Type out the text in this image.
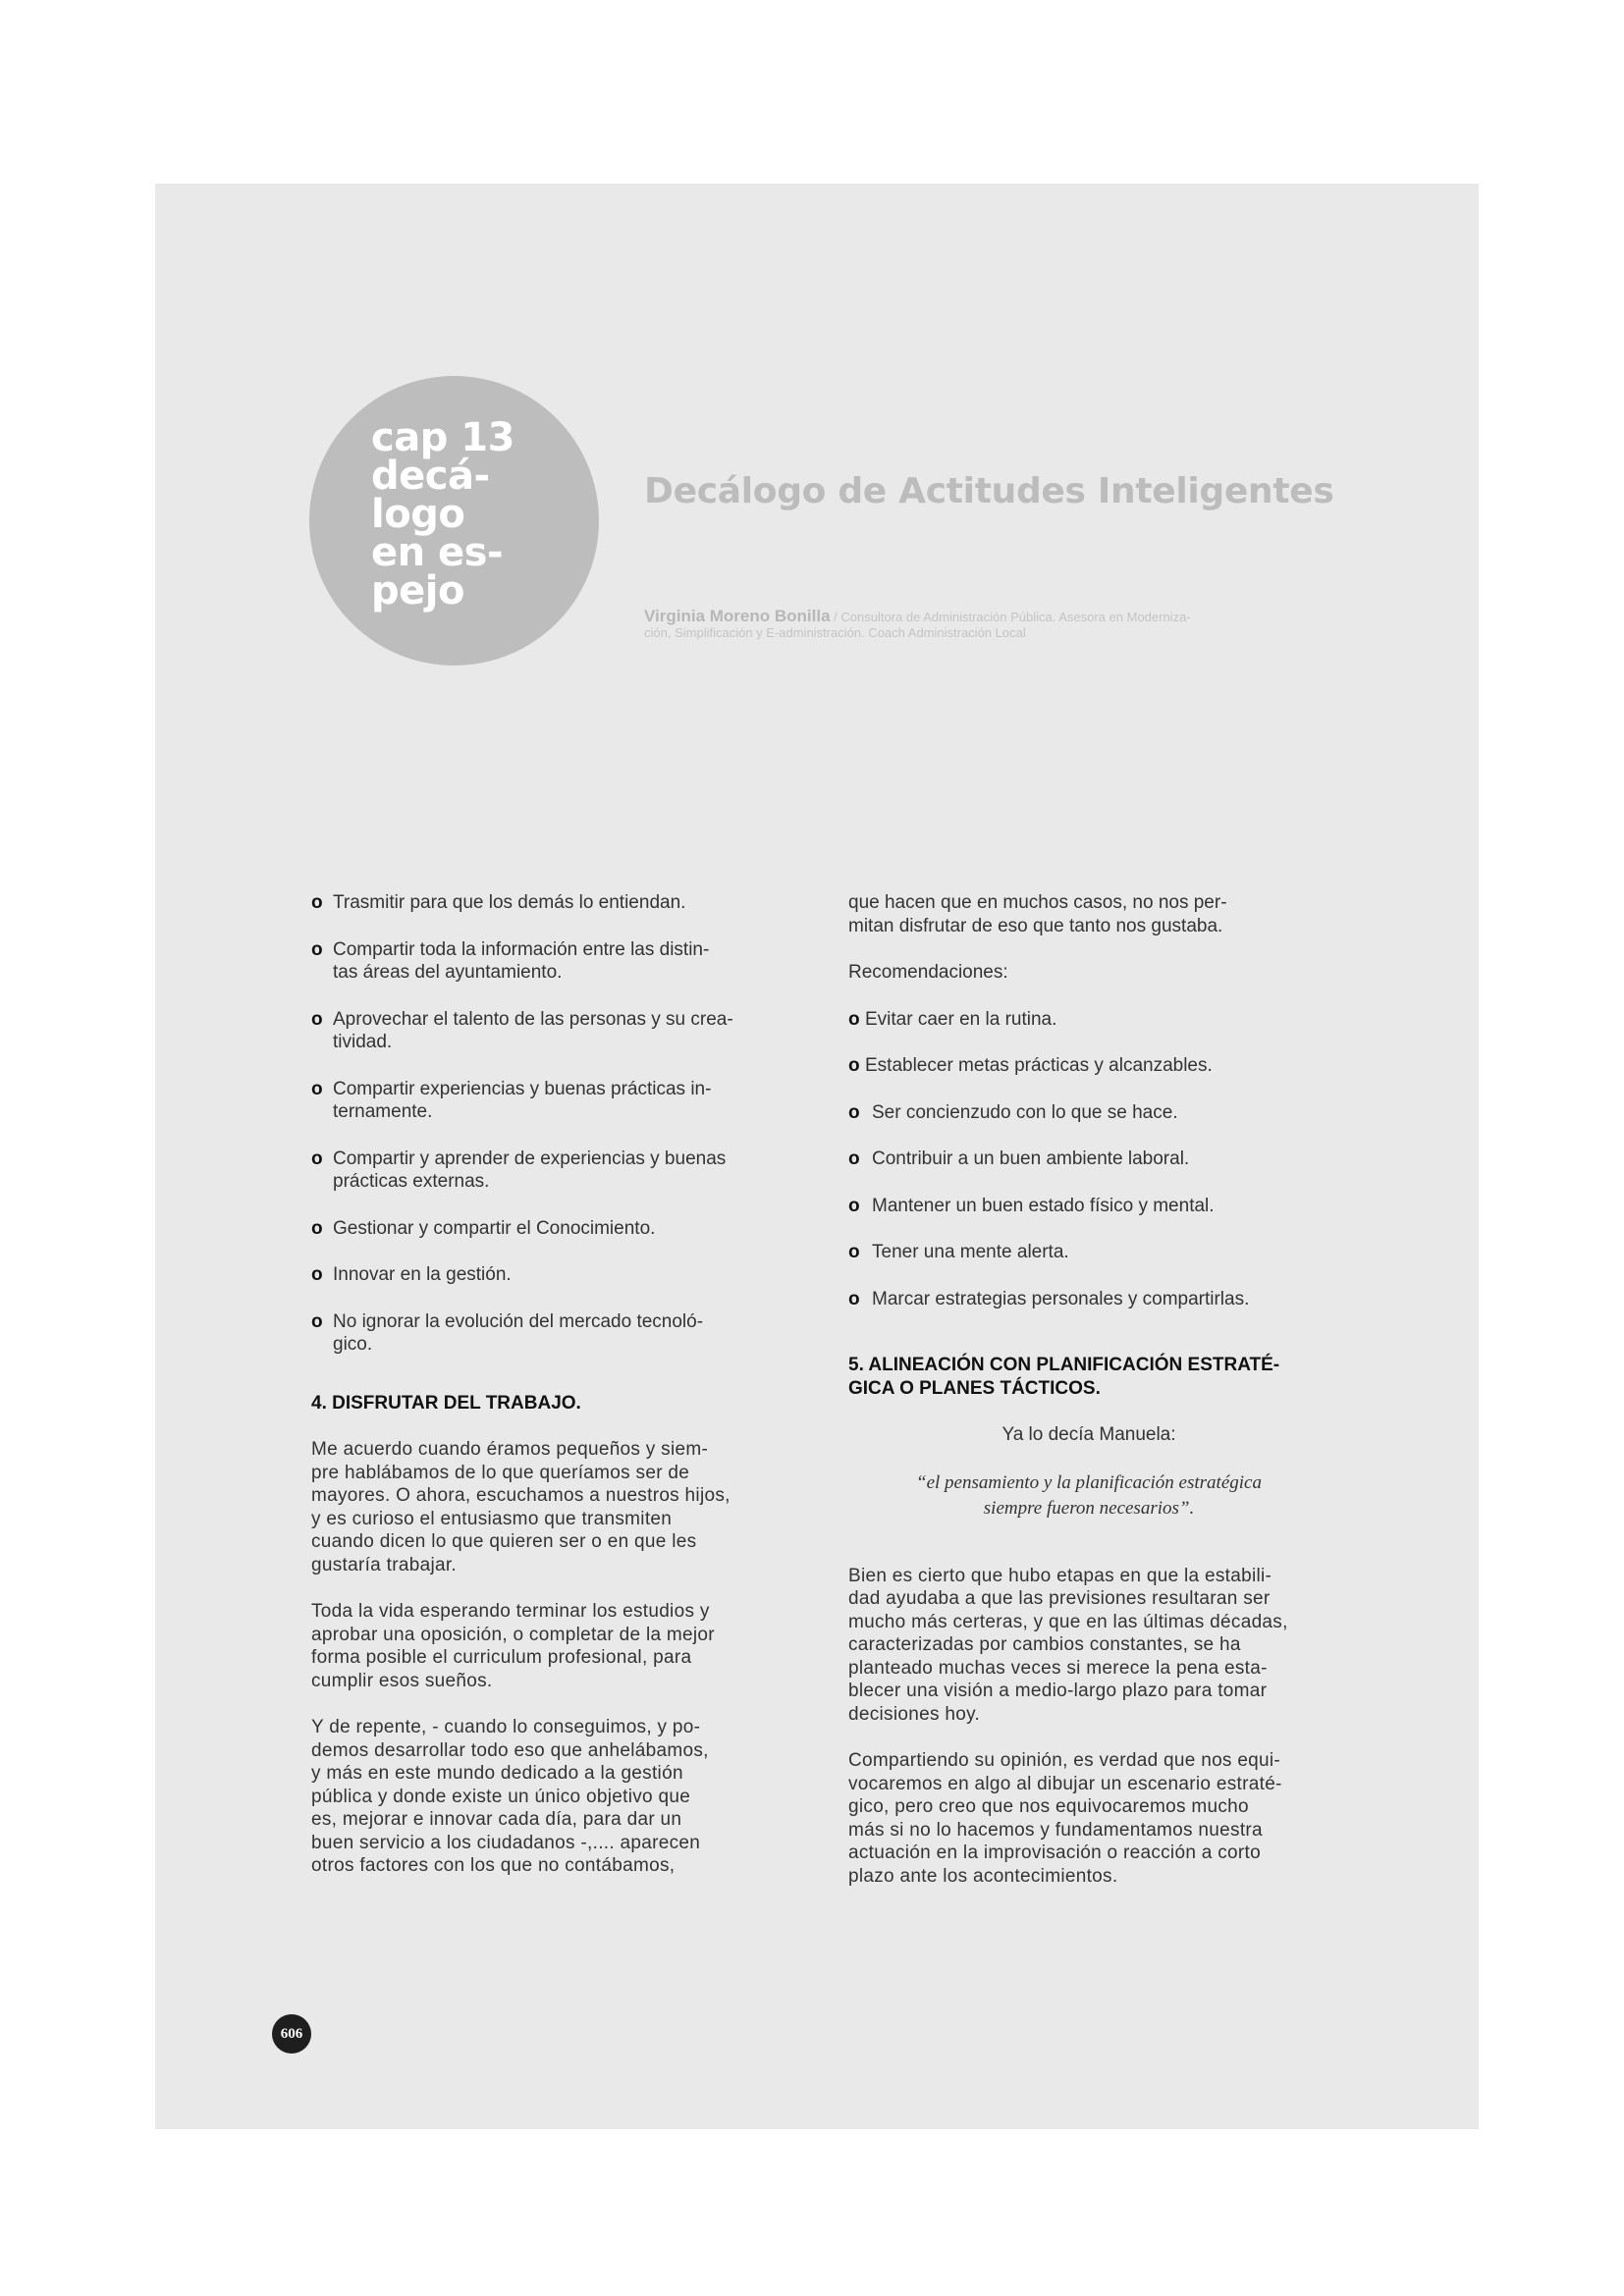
cap 13
decá-
logo
en es-
pejo
Decálogo de Actitudes Inteligentes
Virginia Moreno Bonilla / Consultora de Administración Pública. Asesora en Moderniza-
ción, Simplificación y E-administración. Coach Administración Local
o Trasmitir para que los demás lo entiendan.
o Compartir toda la información entre las distin-
tas áreas del ayuntamiento.
o Aprovechar el talento de las personas y su crea-
tividad.
o Compartir experiencias y buenas prácticas in-
ternamente.
o Compartir y aprender de experiencias y buenas
prácticas externas.
o Gestionar y compartir el Conocimiento.
o Innovar en la gestión.
o No ignorar la evolución del mercado tecnoló-
gico.
4. DISFRUTAR DEL TRABAJO.
Me acuerdo cuando éramos pequeños y siem-
pre hablábamos de lo que queríamos ser de
mayores. O ahora, escuchamos a nuestros hijos,
y es curioso el entusiasmo que transmiten
cuando dicen lo que quieren ser o en que les
gustaría trabajar.
Toda la vida esperando terminar los estudios y
aprobar una oposición, o completar de la mejor
forma posible el curriculum profesional, para
cumplir esos sueños.
Y de repente, - cuando lo conseguimos, y po-
demos desarrollar todo eso que anhelábamos,
y más en este mundo dedicado a la gestión
pública y donde existe un único objetivo que
es, mejorar e innovar cada día, para dar un
buen servicio a los ciudadanos -,.... aparecen
otros factores con los que no contábamos,
que hacen que en muchos casos, no nos per-
mitan disfrutar de eso que tanto nos gustaba.
Recomendaciones:
o Evitar caer en la rutina.
o Establecer metas prácticas y alcanzables.
o Ser concienzudo con lo que se hace.
o Contribuir a un buen ambiente laboral.
o Mantener un buen estado físico y mental.
o Tener una mente alerta.
o Marcar estrategias personales y compartirlas.
5. ALINEACIÓN CON PLANIFICACIÓN ESTRATÉ-
GICA O PLANES TÁCTICOS.
Ya lo decía Manuela:
“el pensamiento y la planificación estratégica
siempre fueron necesarios”.
Bien es cierto que hubo etapas en que la estabili-
dad ayudaba a que las previsiones resultaran ser
mucho más certeras, y que en las últimas décadas,
caracterizadas por cambios constantes, se ha
planteado muchas veces si merece la pena esta-
blecer una visión a medio-largo plazo para tomar
decisiones hoy.
Compartiendo su opinión, es verdad que nos equi-
vocaremos en algo al dibujar un escenario estraté-
gico, pero creo que nos equivocaremos mucho
más si no lo hacemos y fundamentamos nuestra
actuación en la improvisación o reacción a corto
plazo ante los acontecimientos.
606
